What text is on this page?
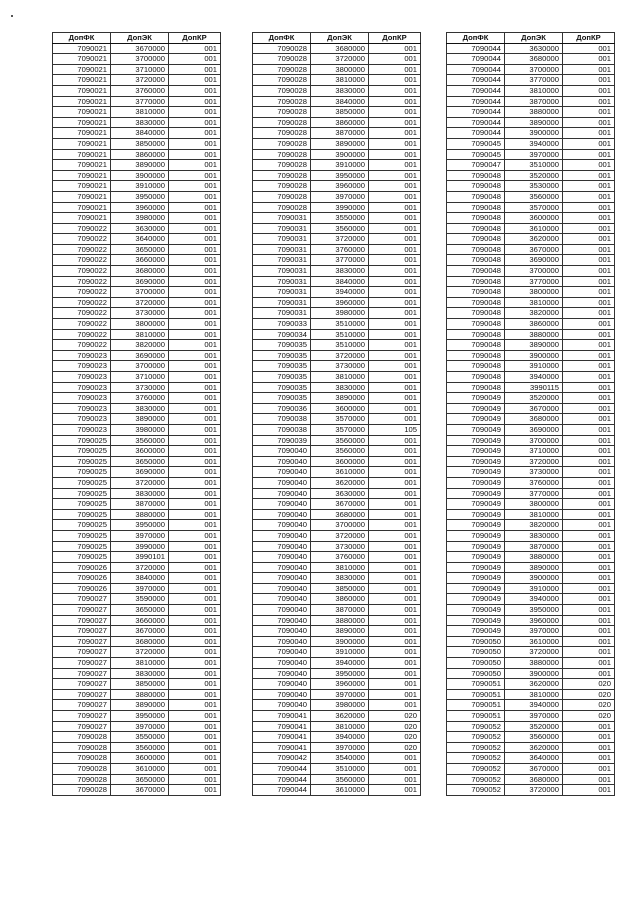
ДопФК	ДопЭК	ДопКР
7090021	3670000	001
7090021	3700000	001
7090021	3710000	001
7090021	3720000	001
7090021	3760000	001
7090021	3770000	001
7090021	3810000	001
7090021	3830000	001
7090021	3840000	001
7090021	3850000	001
7090021	3860000	001
7090021	3890000	001
7090021	3900000	001
7090021	3910000	001
7090021	3950000	001
7090021	3960000	001
7090021	3980000	001
7090022	3630000	001
7090022	3640000	001
7090022	3650000	001
7090022	3660000	001
7090022	3680000	001
7090022	3690000	001
7090022	3700000	001
7090022	3720000	001
7090022	3730000	001
7090022	3800000	001
7090022	3810000	001
7090022	3820000	001
7090023	3690000	001
7090023	3700000	001
7090023	3710000	001
7090023	3730000	001
7090023	3760000	001
7090023	3830000	001
7090023	3890000	001
7090023	3980000	001
7090025	3560000	001
7090025	3600000	001
7090025	3650000	001
7090025	3690000	001
7090025	3720000	001
7090025	3830000	001
7090025	3870000	001
7090025	3880000	001
7090025	3950000	001
7090025	3970000	001
7090025	3990000	001
7090025	3990101	001
7090026	3720000	001
7090026	3840000	001
7090026	3970000	001
7090027	3590000	001
7090027	3650000	001
7090027	3660000	001
7090027	3670000	001
7090027	3680000	001
7090027	3720000	001
7090027	3810000	001
7090027	3830000	001
7090027	3850000	001
7090027	3880000	001
7090027	3890000	001
7090027	3950000	001
7090027	3970000	001
7090028	3550000	001
7090028	3560000	001
7090028	3600000	001
7090028	3610000	001
7090028	3650000	001
7090028	3670000	001
ДопФК	ДопЭК	ДопКР
7090028	3680000	001
7090028	3720000	001
7090028	3800000	001
7090028	3810000	001
7090028	3830000	001
7090028	3840000	001
7090028	3850000	001
7090028	3860000	001
7090028	3870000	001
7090028	3890000	001
7090028	3900000	001
7090028	3910000	001
7090028	3950000	001
7090028	3960000	001
7090028	3970000	001
7090028	3990000	001
7090031	3550000	001
7090031	3560000	001
7090031	3720000	001
7090031	3760000	001
7090031	3770000	001
7090031	3830000	001
7090031	3840000	001
7090031	3940000	001
7090031	3960000	001
7090031	3980000	001
7090033	3510000	001
7090034	3510000	001
7090035	3510000	001
7090035	3720000	001
7090035	3730000	001
7090035	3810000	001
7090035	3830000	001
7090035	3890000	001
7090036	3600000	001
7090038	3570000	001
7090038	3570000	105
7090039	3560000	001
7090040	3560000	001
7090040	3600000	001
7090040	3610000	001
7090040	3620000	001
7090040	3630000	001
7090040	3670000	001
7090040	3680000	001
7090040	3700000	001
7090040	3720000	001
7090040	3730000	001
7090040	3760000	001
7090040	3810000	001
7090040	3830000	001
7090040	3850000	001
7090040	3860000	001
7090040	3870000	001
7090040	3880000	001
7090040	3890000	001
7090040	3900000	001
7090040	3910000	001
7090040	3940000	001
7090040	3950000	001
7090040	3960000	001
7090040	3970000	001
7090040	3980000	001
7090041	3620000	020
7090041	3810000	020
7090041	3940000	020
7090041	3970000	020
7090042	3540000	001
7090044	3510000	001
7090044	3560000	001
7090044	3610000	001
ДопФК	ДопЭК	ДопКР
7090044	3630000	001
7090044	3680000	001
7090044	3700000	001
7090044	3770000	001
7090044	3810000	001
7090044	3870000	001
7090044	3880000	001
7090044	3890000	001
7090044	3900000	001
7090045	3940000	001
7090045	3970000	001
7090047	3510000	001
7090048	3520000	001
7090048	3530000	001
7090048	3560000	001
7090048	3570000	001
7090048	3600000	001
7090048	3610000	001
7090048	3620000	001
7090048	3670000	001
7090048	3690000	001
7090048	3700000	001
7090048	3770000	001
7090048	3800000	001
7090048	3810000	001
7090048	3820000	001
7090048	3860000	001
7090048	3880000	001
7090048	3890000	001
7090048	3900000	001
7090048	3910000	001
7090048	3940000	001
7090048	3990115	001
7090049	3520000	001
7090049	3670000	001
7090049	3680000	001
7090049	3690000	001
7090049	3700000	001
7090049	3710000	001
7090049	3720000	001
7090049	3730000	001
7090049	3760000	001
7090049	3770000	001
7090049	3800000	001
7090049	3810000	001
7090049	3820000	001
7090049	3830000	001
7090049	3870000	001
7090049	3880000	001
7090049	3890000	001
7090049	3900000	001
7090049	3910000	001
7090049	3940000	001
7090049	3950000	001
7090049	3960000	001
7090049	3970000	001
7090050	3610000	001
7090050	3720000	001
7090050	3880000	001
7090050	3900000	001
7090051	3620000	020
7090051	3810000	020
7090051	3940000	020
7090051	3970000	020
7090052	3520000	001
7090052	3560000	001
7090052	3620000	001
7090052	3640000	001
7090052	3670000	001
7090052	3680000	001
7090052	3720000	001
